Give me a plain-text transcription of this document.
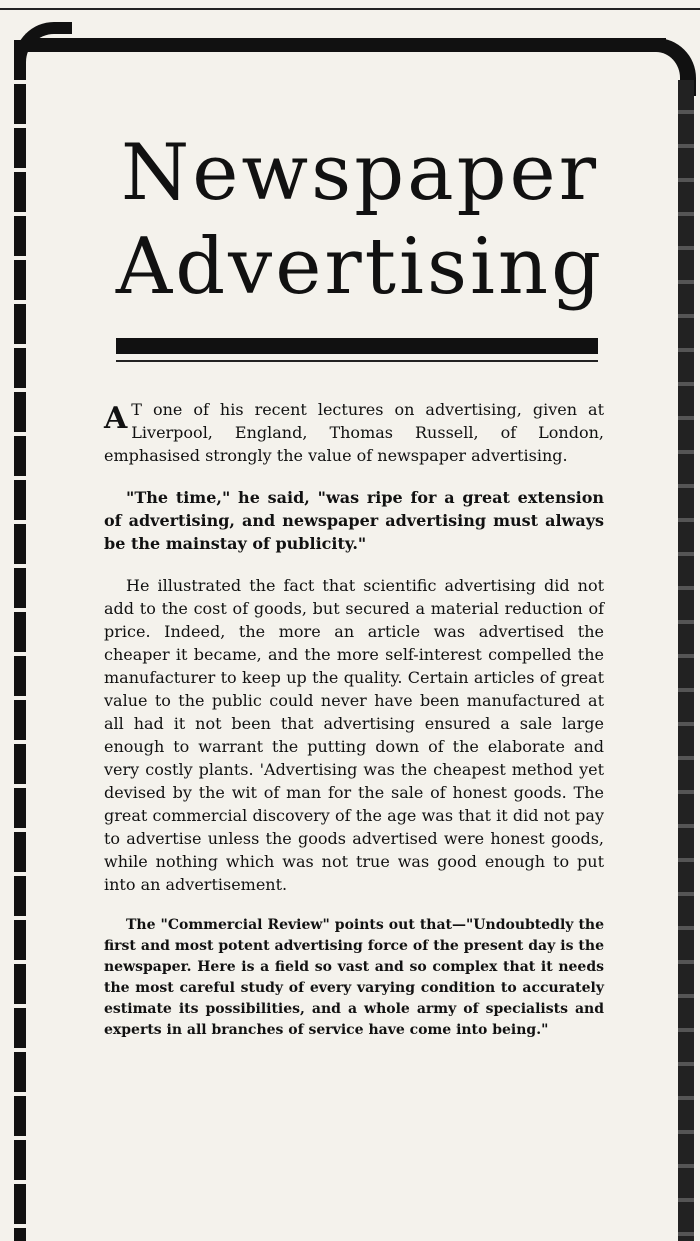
Newspaper
Advertising

A T one of his recent lectures on advertising, given at Liverpool, England, Thomas Russell, of London, emphasised strongly the value of newspaper advertising.

"The time," he said, "was ripe for a great extension of advertising, and newspaper advertising must always be the mainstay of publicity."

He illustrated the fact that scientific advertising did not add to the cost of goods, but secured a material reduction of price. Indeed, the more an article was advertised the cheaper it became, and the more self-interest compelled the manufacturer to keep up the quality. Certain articles of great value to the public could never have been manufactured at all had it not been that advertising ensured a sale large enough to warrant the putting down of the elaborate and very costly plants. 'Advertising was the cheapest method yet devised by the wit of man for the sale of honest goods. The great commercial discovery of the age was that it did not pay to advertise unless the goods advertised were honest goods, while nothing which was not true was good enough to put into an advertisement.

The "Commercial Review" points out that—"Undoubtedly the first and most potent advertising force of the present day is the newspaper. Here is a field so vast and so complex that it needs the most careful study of every varying condition to accurately estimate its possibilities, and a whole army of specialists and experts in all branches of service have come into being."
